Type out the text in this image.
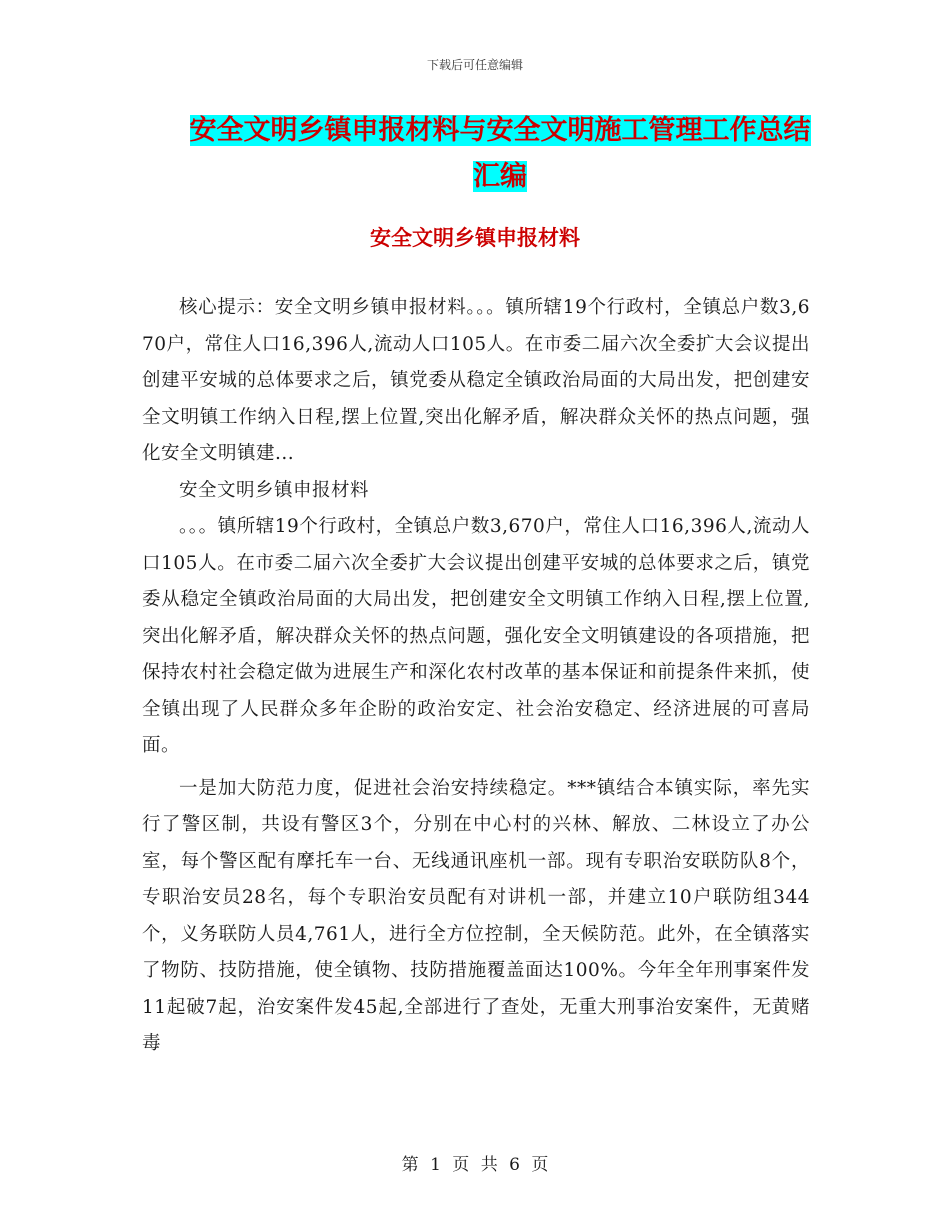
下载后可任意编辑
安全文明乡镇申报材料与安全文明施工管理工作总结
汇编
安全文明乡镇申报材料

核心提示：安全文明乡镇申报材料。。。镇所辖19个行政村，全镇总户数3,670户，常住人口16,396人,流动人口105人。在市委二届六次全委扩大会议提出创建平安城的总体要求之后，镇党委从稳定全镇政治局面的大局出发，把创建安全文明镇工作纳入日程,摆上位置,突出化解矛盾，解决群众关怀的热点问题，强化安全文明镇建...

安全文明乡镇申报材料

。。。镇所辖19个行政村，全镇总户数3,670户，常住人口16,396人,流动人口105人。在市委二届六次全委扩大会议提出创建平安城的总体要求之后，镇党委从稳定全镇政治局面的大局出发，把创建安全文明镇工作纳入日程,摆上位置,突出化解矛盾，解决群众关怀的热点问题，强化安全文明镇建设的各项措施，把保持农村社会稳定做为进展生产和深化农村改革的基本保证和前提条件来抓，使全镇出现了人民群众多年企盼的政治安定、社会治安稳定、经济进展的可喜局面。

一是加大防范力度，促进社会治安持续稳定。***镇结合本镇实际，率先实行了警区制，共设有警区3个，分别在中心村的兴林、解放、二林设立了办公室，每个警区配有摩托车一台、无线通讯座机一部。现有专职治安联防队8个，专职治安员28名，每个专职治安员配有对讲机一部，并建立10户联防组344个，义务联防人员4,761人，进行全方位控制，全天候防范。此外，在全镇落实了物防、技防措施，使全镇物、技防措施覆盖面达100%。今年全年刑事案件发11起破7起，治安案件发45起,全部进行了查处，无重大刑事治安案件，无黄赌毒

第 1 页 共 6 页
